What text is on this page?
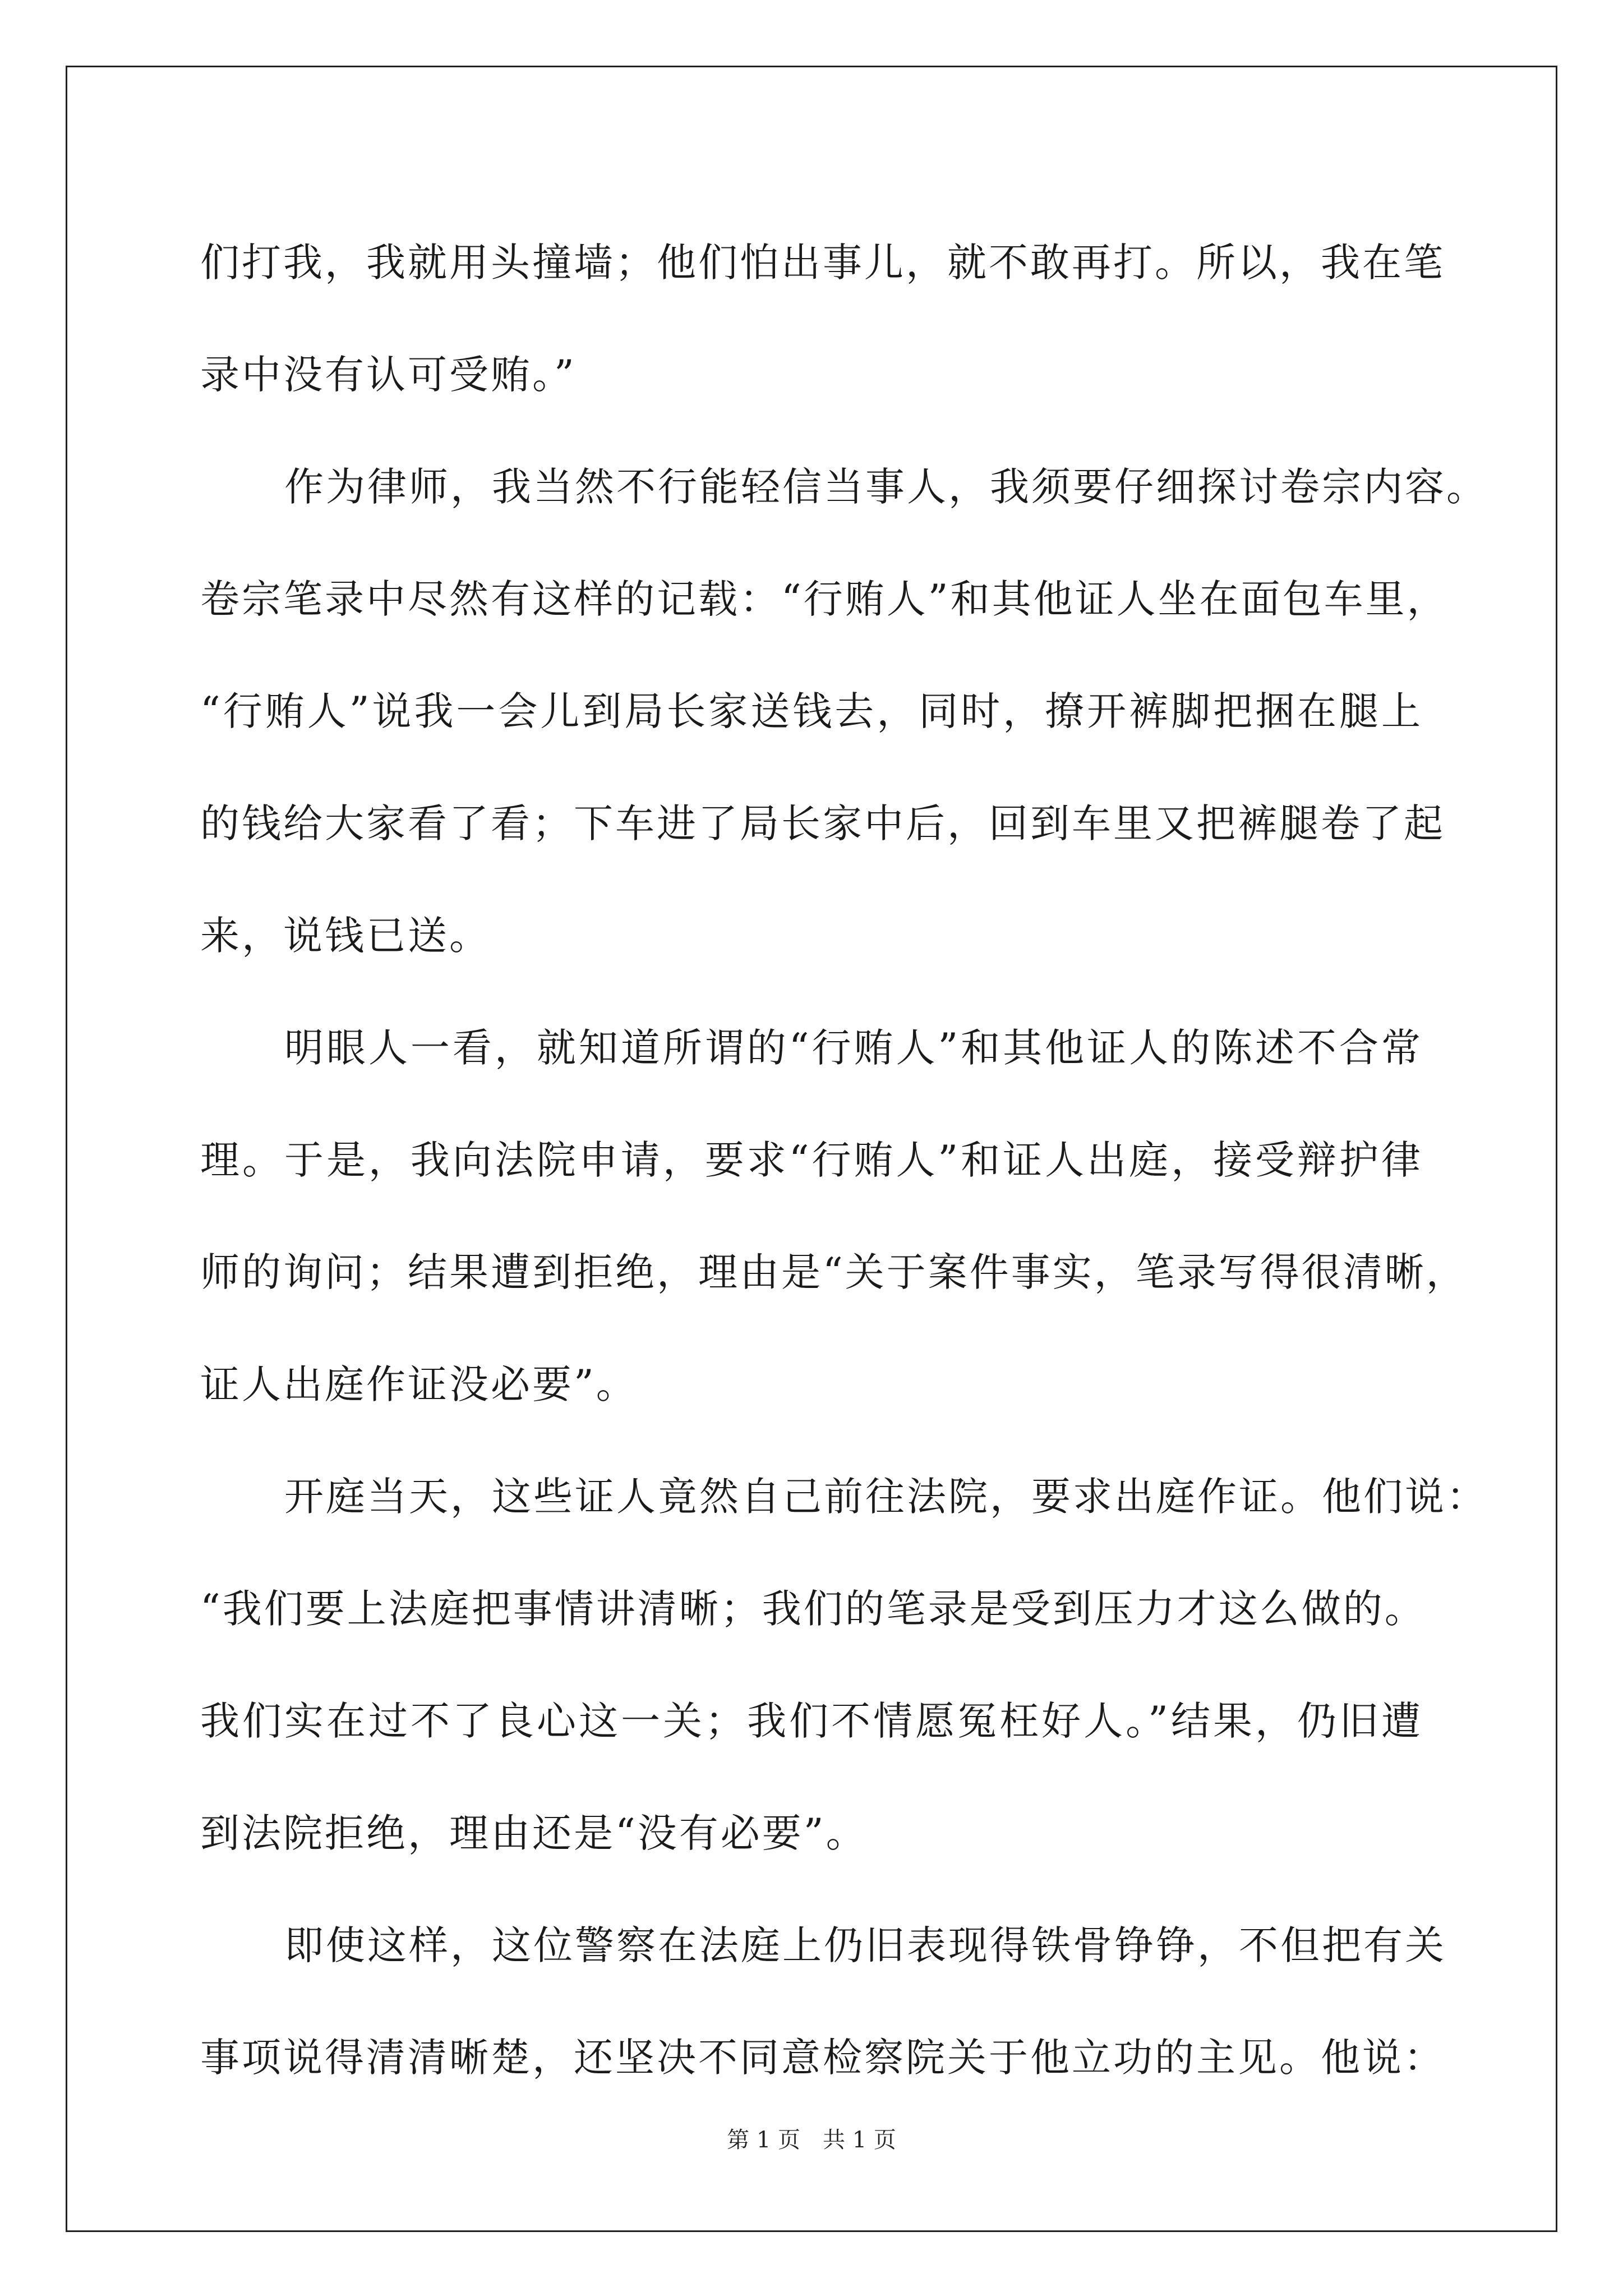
们打我，我就用头撞墙；他们怕出事儿，就不敢再打。所以，我在笔
录中没有认可受贿。”
作为律师，我当然不行能轻信当事人，我须要仔细探讨卷宗内容。
卷宗笔录中尽然有这样的记载：“行贿人”和其他证人坐在面包车里，
“行贿人”说我一会儿到局长家送钱去，同时，撩开裤脚把捆在腿上
的钱给大家看了看；下车进了局长家中后，回到车里又把裤腿卷了起
来，说钱已送。
明眼人一看，就知道所谓的“行贿人”和其他证人的陈述不合常
理。于是，我向法院申请，要求“行贿人”和证人出庭，接受辩护律
师的询问；结果遭到拒绝，理由是“关于案件事实，笔录写得很清晰，
证人出庭作证没必要”。
开庭当天，这些证人竟然自己前往法院，要求出庭作证。他们说：
“我们要上法庭把事情讲清晰；我们的笔录是受到压力才这么做的。
我们实在过不了良心这一关；我们不情愿冤枉好人。”结果，仍旧遭
到法院拒绝，理由还是“没有必要”。
即使这样，这位警察在法庭上仍旧表现得铁骨铮铮，不但把有关
事项说得清清晰楚，还坚决不同意检察院关于他立功的主见。他说：
第 1 页　共 1 页
